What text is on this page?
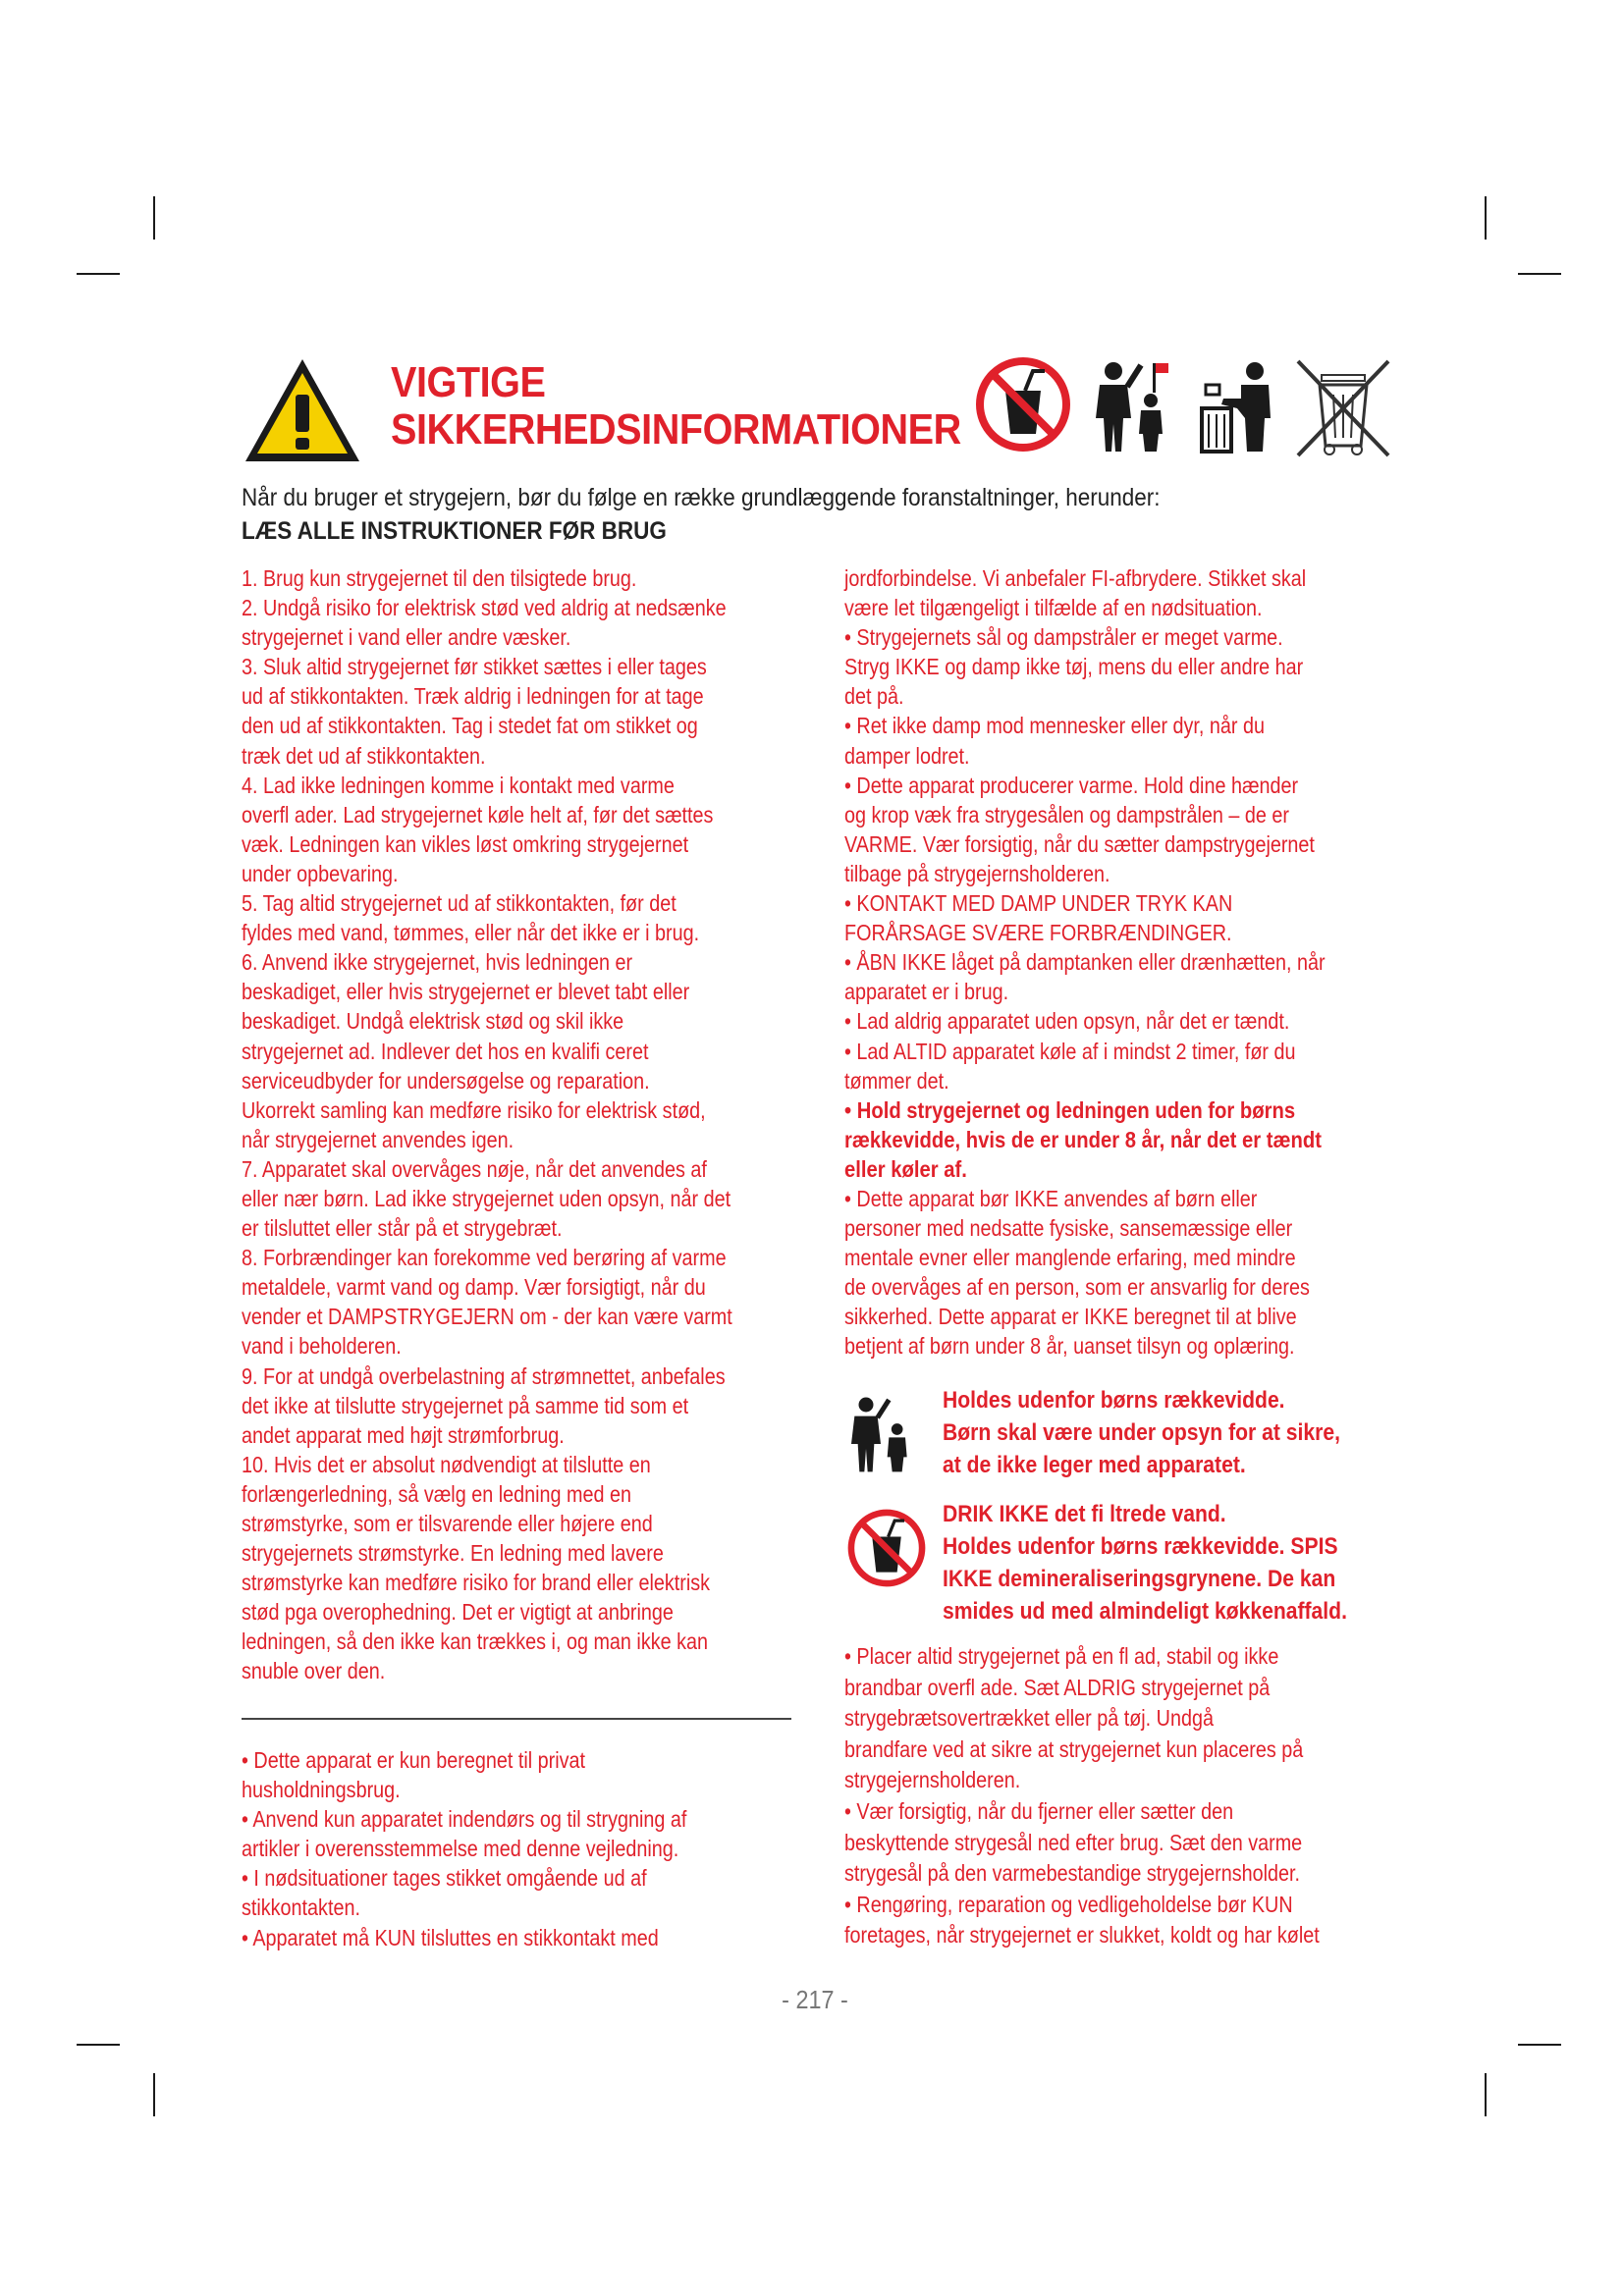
VIGTIGE
SIKKERHEDSINFORMATIONER
Når du bruger et strygejern, bør du følge en række grundlæggende foranstaltninger, herunder:
LÆS ALLE INSTRUKTIONER FØR BRUG

1. Brug kun strygejernet til den tilsigtede brug.

2. Undgå risiko for elektrisk stød ved aldrig at nedsænke

strygejernet i vand eller andre væsker.

3. Sluk altid strygejernet før stikket sættes i eller tages

ud af stikkontakten. Træk aldrig i ledningen for at tage

den ud af stikkontakten. Tag i stedet fat om stikket og

træk det ud af stikkontakten.

4. Lad ikke ledningen komme i kontakt med varme

overfl ader. Lad strygejernet køle helt af, før det sættes

væk. Ledningen kan vikles løst omkring strygejernet

under opbevaring.

5. Tag altid strygejernet ud af stikkontakten, før det

fyldes med vand, tømmes, eller når det ikke er i brug.

6. Anvend ikke strygejernet, hvis ledningen er

beskadiget, eller hvis strygejernet er blevet tabt eller

beskadiget. Undgå elektrisk stød og skil ikke

strygejernet ad. Indlever det hos en kvalifi ceret

serviceudbyder for undersøgelse og reparation.

Ukorrekt samling kan medføre risiko for elektrisk stød,

når strygejernet anvendes igen.

7. Apparatet skal overvåges nøje, når det anvendes af

eller nær børn. Lad ikke strygejernet uden opsyn, når det

er tilsluttet eller står på et strygebræt.

8. Forbrændinger kan forekomme ved berøring af varme

metaldele, varmt vand og damp. Vær forsigtigt, når du

vender et DAMPSTRYGEJERN om - der kan være varmt

vand i beholderen.

9. For at undgå overbelastning af strømnettet, anbefales

det ikke at tilslutte strygejernet på samme tid som et

andet apparat med højt strømforbrug.

10. Hvis det er absolut nødvendigt at tilslutte en

forlængerledning, så vælg en ledning med en

strømstyrke, som er tilsvarende eller højere end

strygejernets strømstyrke. En ledning med lavere

strømstyrke kan medføre risiko for brand eller elektrisk

stød pga overophedning. Det er vigtigt at anbringe

ledningen, så den ikke kan trækkes i, og man ikke kan

snuble over den.

• Dette apparat er kun beregnet til privat

husholdningsbrug.

• Anvend kun apparatet indendørs og til strygning af

artikler i overensstemmelse med denne vejledning.

• I nødsituationer tages stikket omgående ud af

stikkontakten.

• Apparatet må KUN tilsluttes en stikkontakt med

jordforbindelse. Vi anbefaler FI-afbrydere. Stikket skal

være let tilgængeligt i tilfælde af en nødsituation.

• Strygejernets sål og dampstråler er meget varme.

Stryg IKKE og damp ikke tøj, mens du eller andre har

det på.

• Ret ikke damp mod mennesker eller dyr, når du

damper lodret.

• Dette apparat producerer varme. Hold dine hænder

og krop væk fra strygesålen og dampstrålen – de er

VARME. Vær forsigtig, når du sætter dampstrygejernet

tilbage på strygejernsholderen.

• KONTAKT MED DAMP UNDER TRYK KAN

FORÅRSAGE SVÆRE FORBRÆNDINGER.

• ÅBN IKKE låget på damptanken eller drænhætten, når

apparatet er i brug.

• Lad aldrig apparatet uden opsyn, når det er tændt.

• Lad ALTID apparatet køle af i mindst 2 timer, før du

tømmer det.

• Hold strygejernet og ledningen uden for børns

rækkevidde, hvis de er under 8 år, når det er tændt

eller køler af.

• Dette apparat bør IKKE anvendes af børn eller

personer med nedsatte fysiske, sansemæssige eller

mentale evner eller manglende erfaring, med mindre

de overvåges af en person, som er ansvarlig for deres

sikkerhed. Dette apparat er IKKE beregnet til at blive

betjent af børn under 8 år, uanset tilsyn og oplæring.

Holdes udenfor børns rækkevidde.

Børn skal være under opsyn for at sikre,

at de ikke leger med apparatet.

DRIK IKKE det fi ltrede vand.

Holdes udenfor børns rækkevidde. SPIS

IKKE demineraliseringsgrynene. De kan

smides ud med almindeligt køkkenaffald.

• Placer altid strygejernet på en fl ad, stabil og ikke

brandbar overfl ade. Sæt ALDRIG strygejernet på

strygebrætsovertrækket eller på tøj. Undgå

brandfare ved at sikre at strygejernet kun placeres på

strygejernsholderen.

• Vær forsigtig, når du fjerner eller sætter den

beskyttende strygesål ned efter brug. Sæt den varme

strygesål på den varmebestandige strygejernsholder.

• Rengøring, reparation og vedligeholdelse bør KUN

foretages, når strygejernet er slukket, koldt og har kølet

- 217 -
